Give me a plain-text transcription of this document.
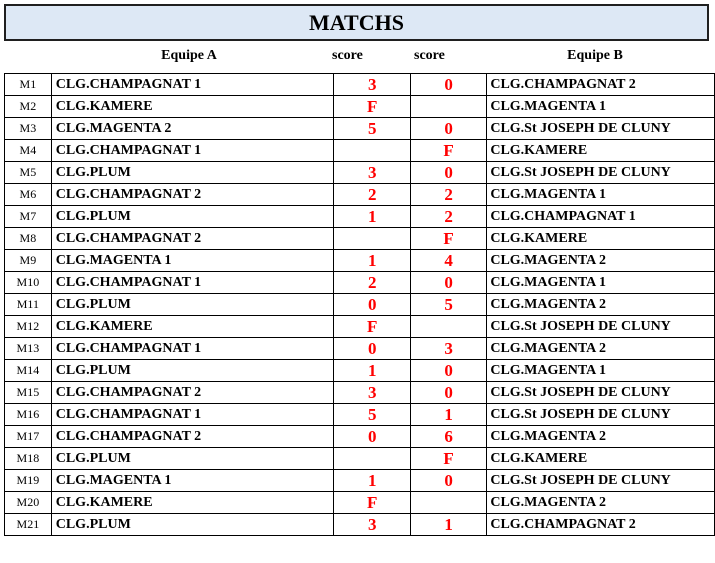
MATCHS
Equipe A	score	score	Equipe B
M1	CLG.CHAMPAGNAT 1	3	0	CLG.CHAMPAGNAT 2
M2	CLG.KAMERE	F		CLG.MAGENTA 1
M3	CLG.MAGENTA 2	5	0	CLG.St JOSEPH DE CLUNY
M4	CLG.CHAMPAGNAT 1		F	CLG.KAMERE
M5	CLG.PLUM	3	0	CLG.St JOSEPH DE CLUNY
M6	CLG.CHAMPAGNAT 2	2	2	CLG.MAGENTA 1
M7	CLG.PLUM	1	2	CLG.CHAMPAGNAT 1
M8	CLG.CHAMPAGNAT 2		F	CLG.KAMERE
M9	CLG.MAGENTA 1	1	4	CLG.MAGENTA 2
M10	CLG.CHAMPAGNAT 1	2	0	CLG.MAGENTA 1
M11	CLG.PLUM	0	5	CLG.MAGENTA 2
M12	CLG.KAMERE	F		CLG.St JOSEPH DE CLUNY
M13	CLG.CHAMPAGNAT 1	0	3	CLG.MAGENTA 2
M14	CLG.PLUM	1	0	CLG.MAGENTA 1
M15	CLG.CHAMPAGNAT 2	3	0	CLG.St JOSEPH DE CLUNY
M16	CLG.CHAMPAGNAT 1	5	1	CLG.St JOSEPH DE CLUNY
M17	CLG.CHAMPAGNAT 2	0	6	CLG.MAGENTA 2
M18	CLG.PLUM		F	CLG.KAMERE
M19	CLG.MAGENTA 1	1	0	CLG.St JOSEPH DE CLUNY
M20	CLG.KAMERE	F		CLG.MAGENTA 2
M21	CLG.PLUM	3	1	CLG.CHAMPAGNAT 2
